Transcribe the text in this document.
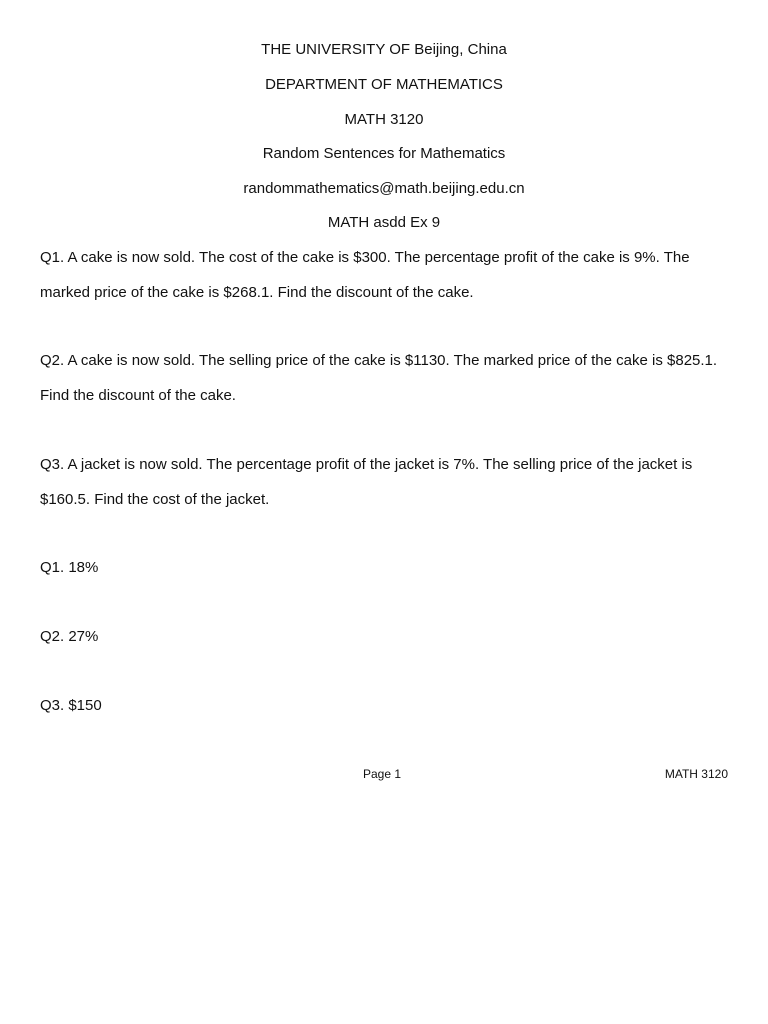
THE UNIVERSITY OF Beijing, China

DEPARTMENT OF MATHEMATICS

MATH 3120

Random Sentences for Mathematics

randommathematics@math.beijing.edu.cn

MATH asdd Ex 9

Q1. A cake is now sold. The cost of the cake is $300. The percentage profit of the cake is 9%. The marked price of the cake is $268.1. Find the discount of the cake.

Q2. A cake is now sold. The selling price of the cake is $1130. The marked price of the cake is $825.1. Find the discount of the cake.

Q3. A jacket is now sold. The percentage profit of the jacket is 7%. The selling price of the jacket is $160.5. Find the cost of the jacket.

Q1. 18%

Q2. 27%

Q3. $150

Page 1	MATH 3120
